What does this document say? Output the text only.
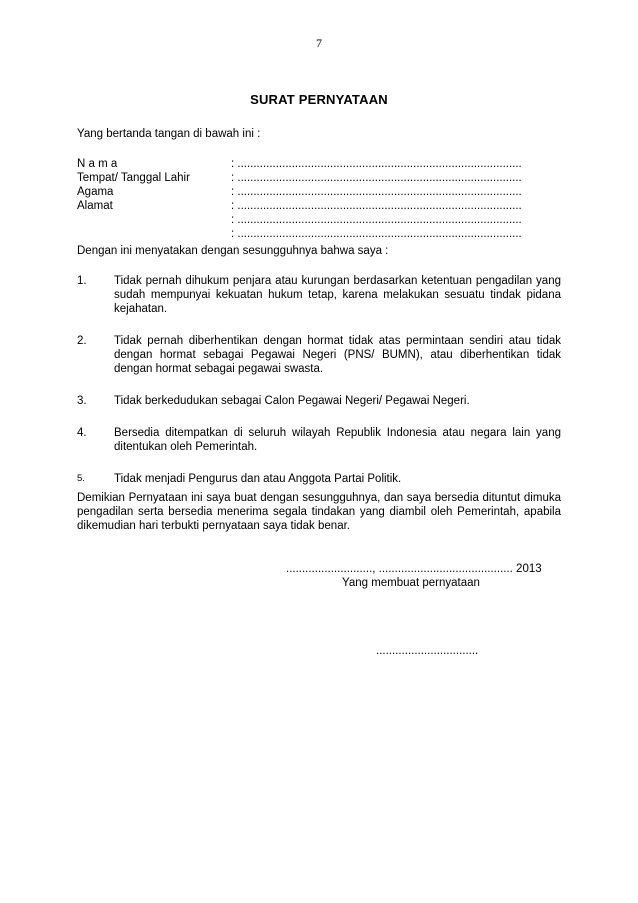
7
SURAT PERNYATAAN
Yang bertanda tangan di bawah ini :
N a m a	: .........................................................................................
Tempat/ Tanggal Lahir	: .........................................................................................
Agama	: .........................................................................................
Alamat	: .........................................................................................
: .........................................................................................
: .........................................................................................
Dengan ini menyatakan dengan sesungguhnya bahwa saya :
1. Tidak pernah dihukum penjara atau kurungan berdasarkan ketentuan pengadilan yang sudah mempunyai kekuatan hukum tetap, karena melakukan sesuatu tindak pidana kejahatan.
2. Tidak pernah diberhentikan dengan hormat tidak atas permintaan sendiri atau tidak dengan hormat sebagai Pegawai Negeri (PNS/ BUMN), atau diberhentikan tidak dengan hormat sebagai pegawai swasta.
3. Tidak berkedudukan sebagai Calon Pegawai Negeri/ Pegawai Negeri.
4. Bersedia ditempatkan di seluruh wilayah Republik Indonesia atau negara lain yang ditentukan oleh Pemerintah.
5.	Tidak menjadi Pengurus dan atau Anggota Partai Politik.
Demikian Pernyataan ini saya buat dengan sesungguhnya, dan saya bersedia dituntut dimuka pengadilan serta bersedia menerima segala tindakan yang diambil oleh Pemerintah, apabila dikemudian hari terbukti pernyataan saya tidak benar.
..........................., .......................................... 2013
Yang membuat pernyataan
................................
